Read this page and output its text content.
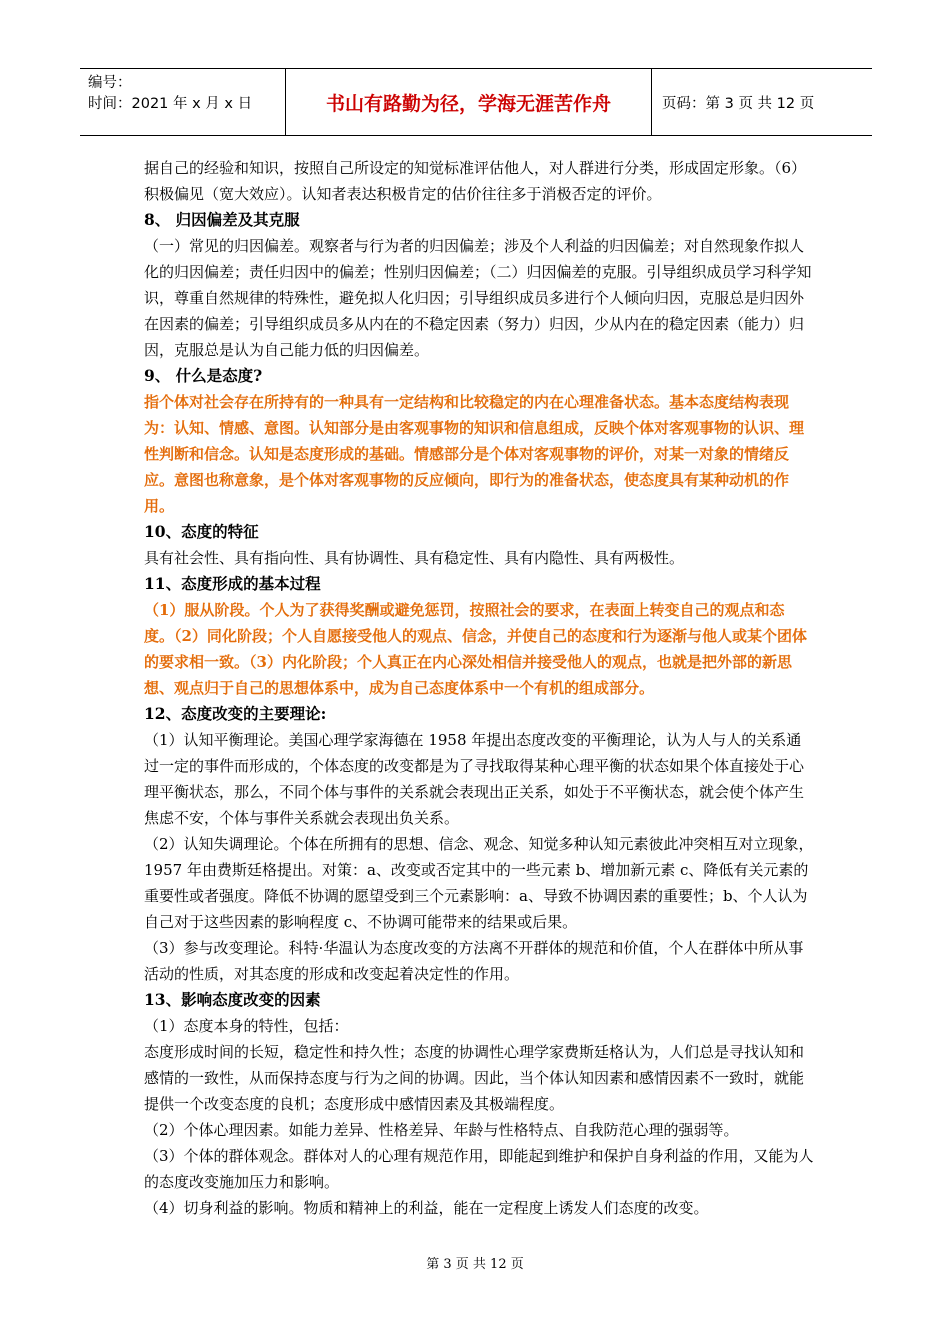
编号：
时间：2021 年 x 月 x 日	书山有路勤为径，学海无涯苦作舟	页码：第 3 页 共 12 页

据自己的经验和知识，按照自己所设定的知觉标准评估他人，对人群进行分类，形成固定形象。（6）积极偏见（宽大效应）。认知者表达积极肯定的估价往往多于消极否定的评价。

8、 归因偏差及其克服

（一）常见的归因偏差。观察者与行为者的归因偏差；涉及个人利益的归因偏差；对自然现象作拟人化的归因偏差；责任归因中的偏差；性别归因偏差；（二）归因偏差的克服。引导组织成员学习科学知识，尊重自然规律的特殊性，避免拟人化归因；引导组织成员多进行个人倾向归因，克服总是归因外在因素的偏差；引导组织成员多从内在的不稳定因素（努力）归因，少从内在的稳定因素（能力）归因，克服总是认为自己能力低的归因偏差。

9、 什么是态度?

指个体对社会存在所持有的一种具有一定结构和比较稳定的内在心理准备状态。基本态度结构表现为：认知、情感、意图。认知部分是由客观事物的知识和信息组成，反映个体对客观事物的认识、理性判断和信念。认知是态度形成的基础。情感部分是个体对客观事物的评价，对某一对象的情绪反应。意图也称意象，是个体对客观事物的反应倾向，即行为的准备状态，使态度具有某种动机的作用。

10、态度的特征

具有社会性、具有指向性、具有协调性、具有稳定性、具有内隐性、具有两极性。

11、态度形成的基本过程

（1）服从阶段。个人为了获得奖酬或避免惩罚，按照社会的要求，在表面上转变自己的观点和态度。（2）同化阶段；个人自愿接受他人的观点、信念，并使自己的态度和行为逐渐与他人或某个团体的要求相一致。（3）内化阶段；个人真正在内心深处相信并接受他人的观点，也就是把外部的新思想、观点归于自己的思想体系中，成为自己态度体系中一个有机的组成部分。

12、态度改变的主要理论:

（1）认知平衡理论。美国心理学家海德在 1958 年提出态度改变的平衡理论，认为人与人的关系通过一定的事件而形成的，个体态度的改变都是为了寻找取得某种心理平衡的状态如果个体直接处于心理平衡状态，那么，不同个体与事件的关系就会表现出正关系，如处于不平衡状态，就会使个体产生焦虑不安，个体与事件关系就会表现出负关系。

（2）认知失调理论。个体在所拥有的思想、信念、观念、知觉多种认知元素彼此冲突相互对立现象，1957 年由费斯廷格提出。对策：a、改变或否定其中的一些元素 b、增加新元素 c、降低有关元素的重要性或者强度。降低不协调的愿望受到三个元素影响：a、导致不协调因素的重要性；b、个人认为自己对于这些因素的影响程度 c、不协调可能带来的结果或后果。

（3）参与改变理论。科特·华温认为态度改变的方法离不开群体的规范和价值，个人在群体中所从事活动的性质，对其态度的形成和改变起着决定性的作用。

13、影响态度改变的因素

（1）态度本身的特性，包括：

态度形成时间的长短，稳定性和持久性；态度的协调性心理学家费斯廷格认为，人们总是寻找认知和感情的一致性，从而保持态度与行为之间的协调。因此，当个体认知因素和感情因素不一致时，就能提供一个改变态度的良机；态度形成中感情因素及其极端程度。

（2）个体心理因素。如能力差异、性格差异、年龄与性格特点、自我防范心理的强弱等。

（3）个体的群体观念。群体对人的心理有规范作用，即能起到维护和保护自身利益的作用，又能为人的态度改变施加压力和影响。

（4）切身利益的影响。物质和精神上的利益，能在一定程度上诱发人们态度的改变。

第 3 页 共 12 页
